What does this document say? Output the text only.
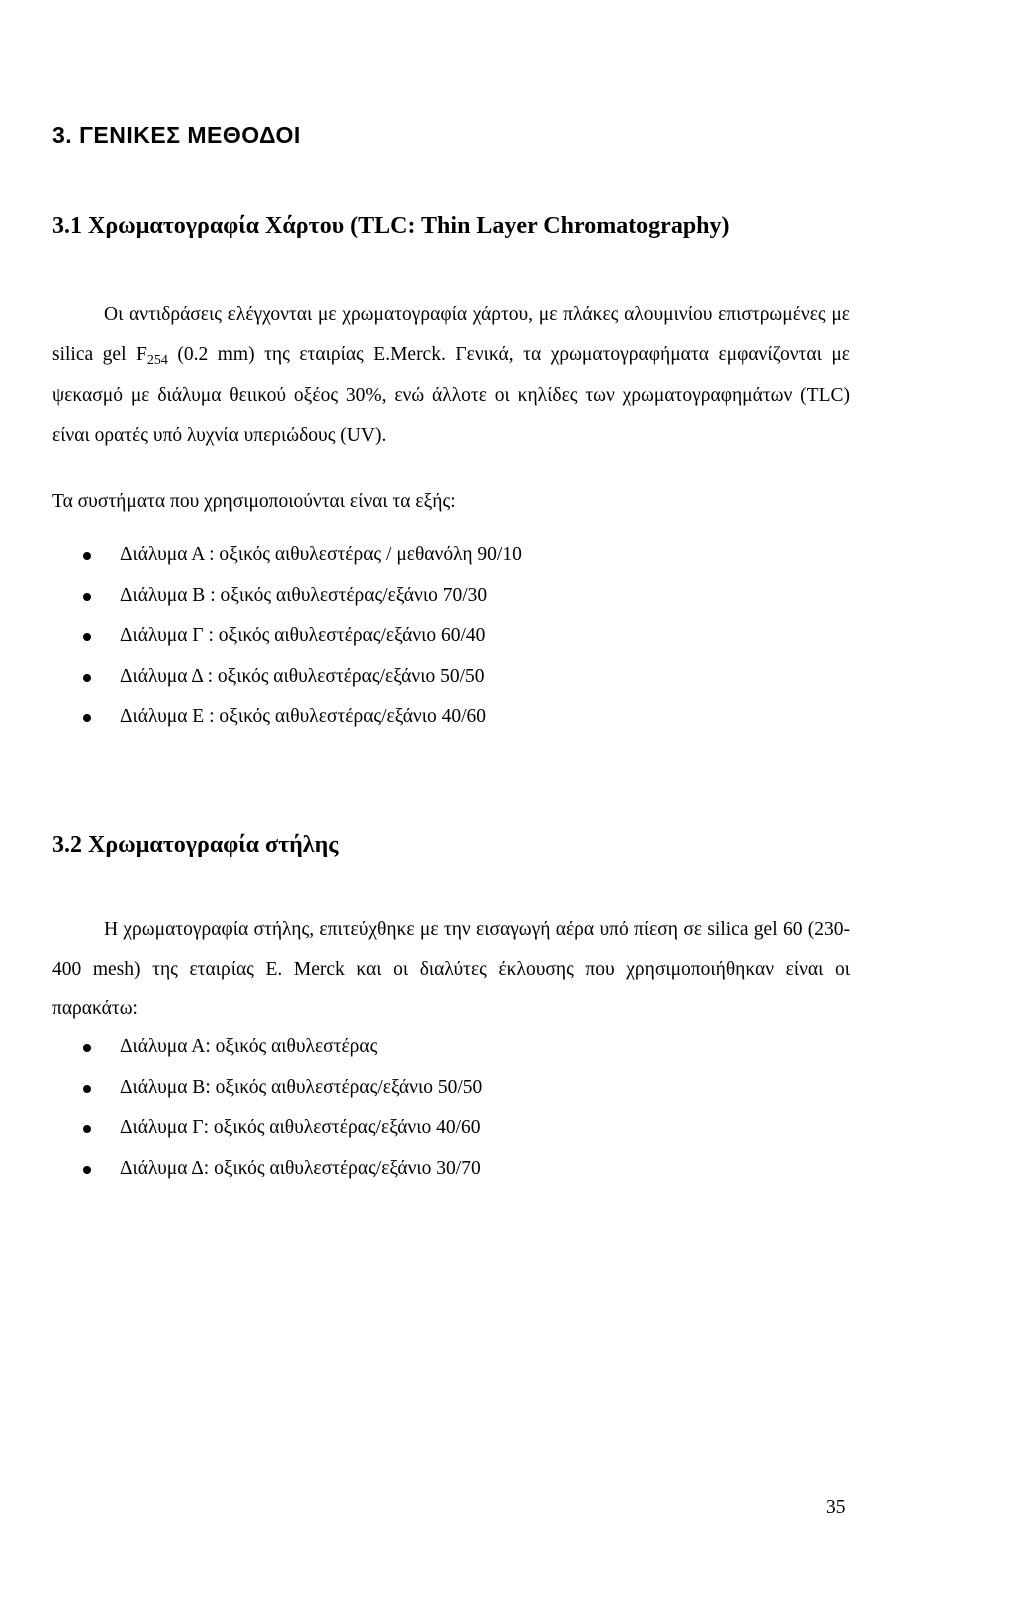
3. ΓΕΝΙΚΕΣ ΜΕΘΟΔΟΙ
3.1 Χρωματογραφία Χάρτου (TLC: Thin Layer Chromatography)

Οι αντιδράσεις ελέγχονται με χρωματογραφία χάρτου, με πλάκες αλουμινίου επιστρωμένες με silica gel $F_{254}$ (0.2 mm) της εταιρίας E.Merck. Γενικά, τα χρωματογραφήματα εμφανίζονται με ψεκασμό με διάλυμα θειικού οξέος 30%, ενώ άλλοτε οι κηλίδες των χρωματογραφημάτων (TLC) είναι ορατές υπό λυχνία υπεριώδους (UV).

Τα συστήματα που χρησιμοποιούνται είναι τα εξής:

Διάλυμα Α : οξικός αιθυλεστέρας / μεθανόλη 90/10
Διάλυμα Β : οξικός αιθυλεστέρας/εξάνιο 70/30
Διάλυμα Γ : οξικός αιθυλεστέρας/εξάνιο 60/40
Διάλυμα Δ : οξικός αιθυλεστέρας/εξάνιο 50/50
Διάλυμα Ε : οξικός αιθυλεστέρας/εξάνιο 40/60
3.2 Χρωματογραφία στήλης

Η χρωματογραφία στήλης, επιτεύχθηκε με την εισαγωγή αέρα υπό πίεση σε silica gel 60 (230-400 mesh) της εταιρίας E. Merck και οι διαλύτες έκλουσης που χρησιμοποιήθηκαν είναι οι παρακάτω:

Διάλυμα Α: οξικός αιθυλεστέρας
Διάλυμα Β: οξικός αιθυλεστέρας/εξάνιο 50/50
Διάλυμα Γ: οξικός αιθυλεστέρας/εξάνιο 40/60
Διάλυμα Δ: οξικός αιθυλεστέρας/εξάνιο 30/70
35
